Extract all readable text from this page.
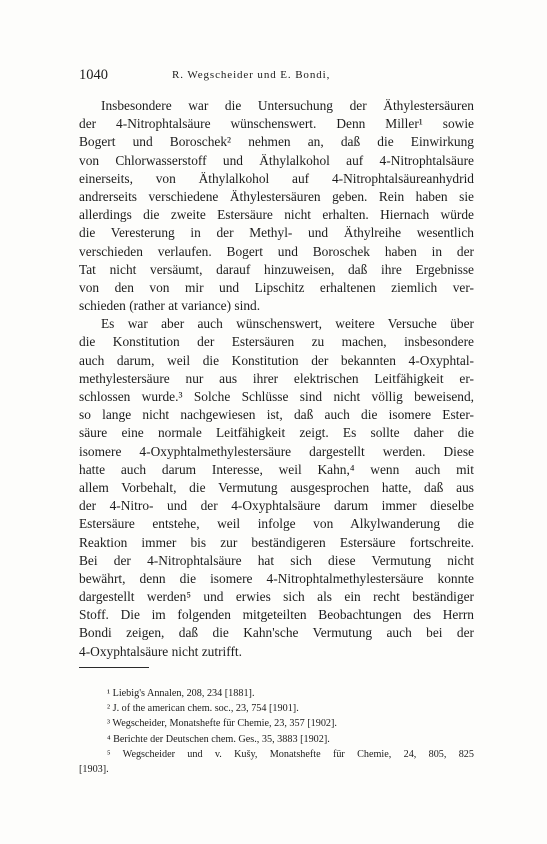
1040	R. Wegscheider und E. Bondi,
Insbesondere war die Untersuchung der Äthylestersäuren
der 4-Nitrophtalsäure wünschenswert. Denn Miller¹ sowie
Bogert und Boroschek² nehmen an, daß die Einwirkung
von Chlorwasserstoff und Äthylalkohol auf 4-Nitrophtalsäure
einerseits, von Äthylalkohol auf 4-Nitrophtalsäureanhydrid
andrerseits verschiedene Äthylestersäuren geben. Rein haben sie
allerdings die zweite Estersäure nicht erhalten. Hiernach würde
die Veresterung in der Methyl- und Äthylreihe wesentlich
verschieden verlaufen. Bogert und Boroschek haben in der
Tat nicht versäumt, darauf hinzuweisen, daß ihre Ergebnisse
von den von mir und Lipschitz erhaltenen ziemlich ver-
schieden (rather at variance) sind.
Es war aber auch wünschenswert, weitere Versuche über
die Konstitution der Estersäuren zu machen, insbesondere
auch darum, weil die Konstitution der bekannten 4-Oxyphtal-
methylestersäure nur aus ihrer elektrischen Leitfähigkeit er-
schlossen wurde.³ Solche Schlüsse sind nicht völlig beweisend,
so lange nicht nachgewiesen ist, daß auch die isomere Ester-
säure eine normale Leitfähigkeit zeigt. Es sollte daher die
isomere 4-Oxyphtalmethylestersäure dargestellt werden. Diese
hatte auch darum Interesse, weil Kahn,⁴ wenn auch mit
allem Vorbehalt, die Vermutung ausgesprochen hatte, daß aus
der 4-Nitro- und der 4-Oxyphtalsäure darum immer dieselbe
Estersäure entstehe, weil infolge von Alkylwanderung die
Reaktion immer bis zur beständigeren Estersäure fortschreite.
Bei der 4-Nitrophtalsäure hat sich diese Vermutung nicht
bewährt, denn die isomere 4-Nitrophtalmethylestersäure konnte
dargestellt werden⁵ und erwies sich als ein recht beständiger
Stoff. Die im folgenden mitgeteilten Beobachtungen des Herrn
Bondi zeigen, daß die Kahn'sche Vermutung auch bei der
4-Oxyphtalsäure nicht zutrifft.
¹ Liebig's Annalen, 208, 234 [1881].
² J. of the american chem. soc., 23, 754 [1901].
³ Wegscheider, Monatshefte für Chemie, 23, 357 [1902].
⁴ Berichte der Deutschen chem. Ges., 35, 3883 [1902].
⁵ Wegscheider und v. Kušy, Monatshefte für Chemie, 24, 805, 825
[1903].
